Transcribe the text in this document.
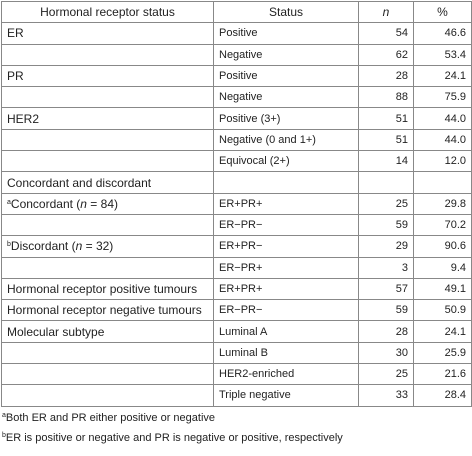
Hormonal receptor status	Status	n	%
ER	Positive	54	46.6
	Negative	62	53.4
PR	Positive	28	24.1
	Negative	88	75.9
HER2	Positive (3+)	51	44.0
	Negative (0 and 1+)	51	44.0
	Equivocal (2+)	14	12.0
Concordant and discordant			
$^a$Concordant (n = 84)	ER+PR+	25	29.8
	ER−PR−	59	70.2
$^b$Discordant (n = 32)	ER+PR−	29	90.6
	ER−PR+	3	9.4
Hormonal receptor positive tumours	ER+PR+	57	49.1
Hormonal receptor negative tumours	ER−PR−	59	50.9
Molecular subtype	Luminal A	28	24.1
	Luminal B	30	25.9
	HER2-enriched	25	21.6
	Triple negative	33	28.4
$^a$Both ER and PR either positive or negative
$^b$ER is positive or negative and PR is negative or positive, respectively
